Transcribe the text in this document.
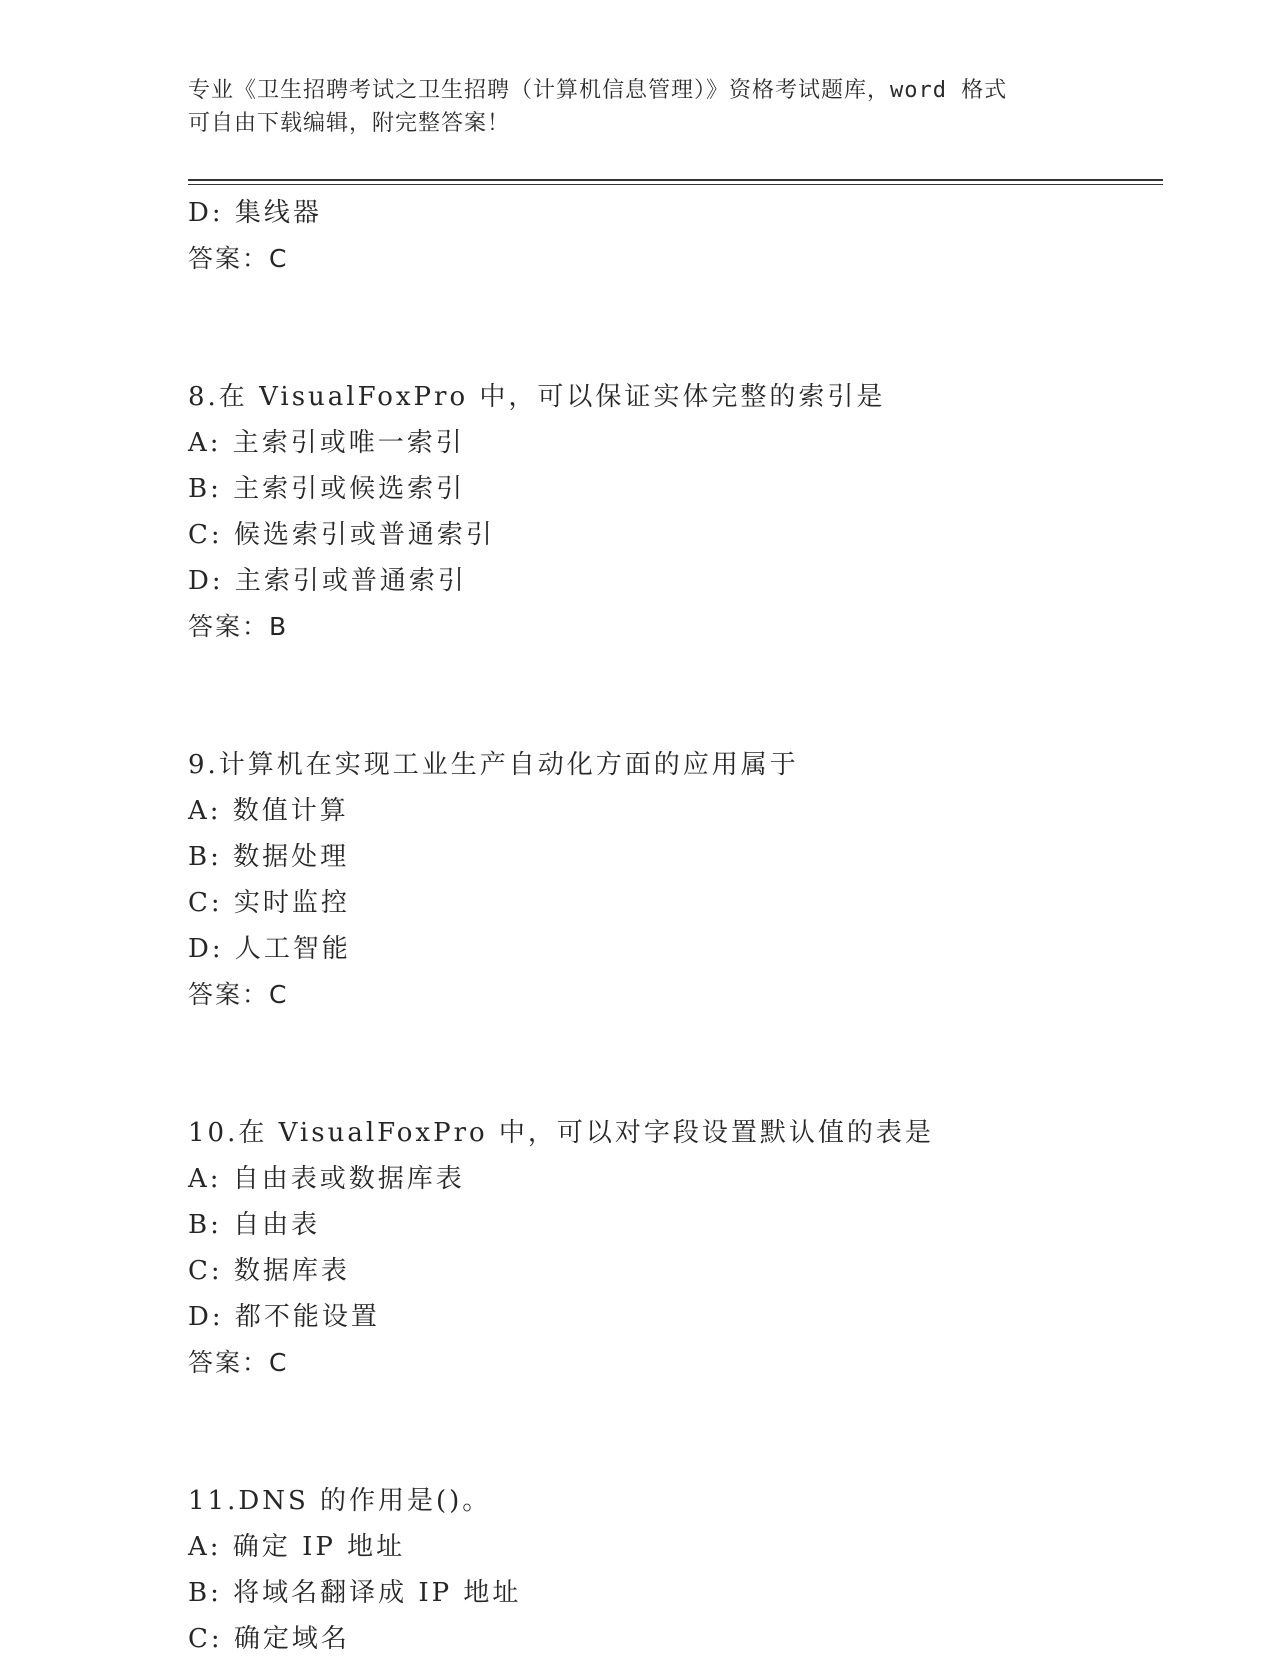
专业《卫生招聘考试之卫生招聘（计算机信息管理）》资格考试题库，word 格式
可自由下载编辑，附完整答案！
D: 集线器
答案：C
8.在 VisualFoxPro 中，可以保证实体完整的索引是
A: 主索引或唯一索引
B: 主索引或候选索引
C: 候选索引或普通索引
D: 主索引或普通索引
答案：B
9.计算机在实现工业生产自动化方面的应用属于
A: 数值计算
B: 数据处理
C: 实时监控
D: 人工智能
答案：C
10.在 VisualFoxPro 中，可以对字段设置默认值的表是
A: 自由表或数据库表
B: 自由表
C: 数据库表
D: 都不能设置
答案：C
11.DNS 的作用是()。
A: 确定 IP 地址
B: 将域名翻译成 IP 地址
C: 确定域名
